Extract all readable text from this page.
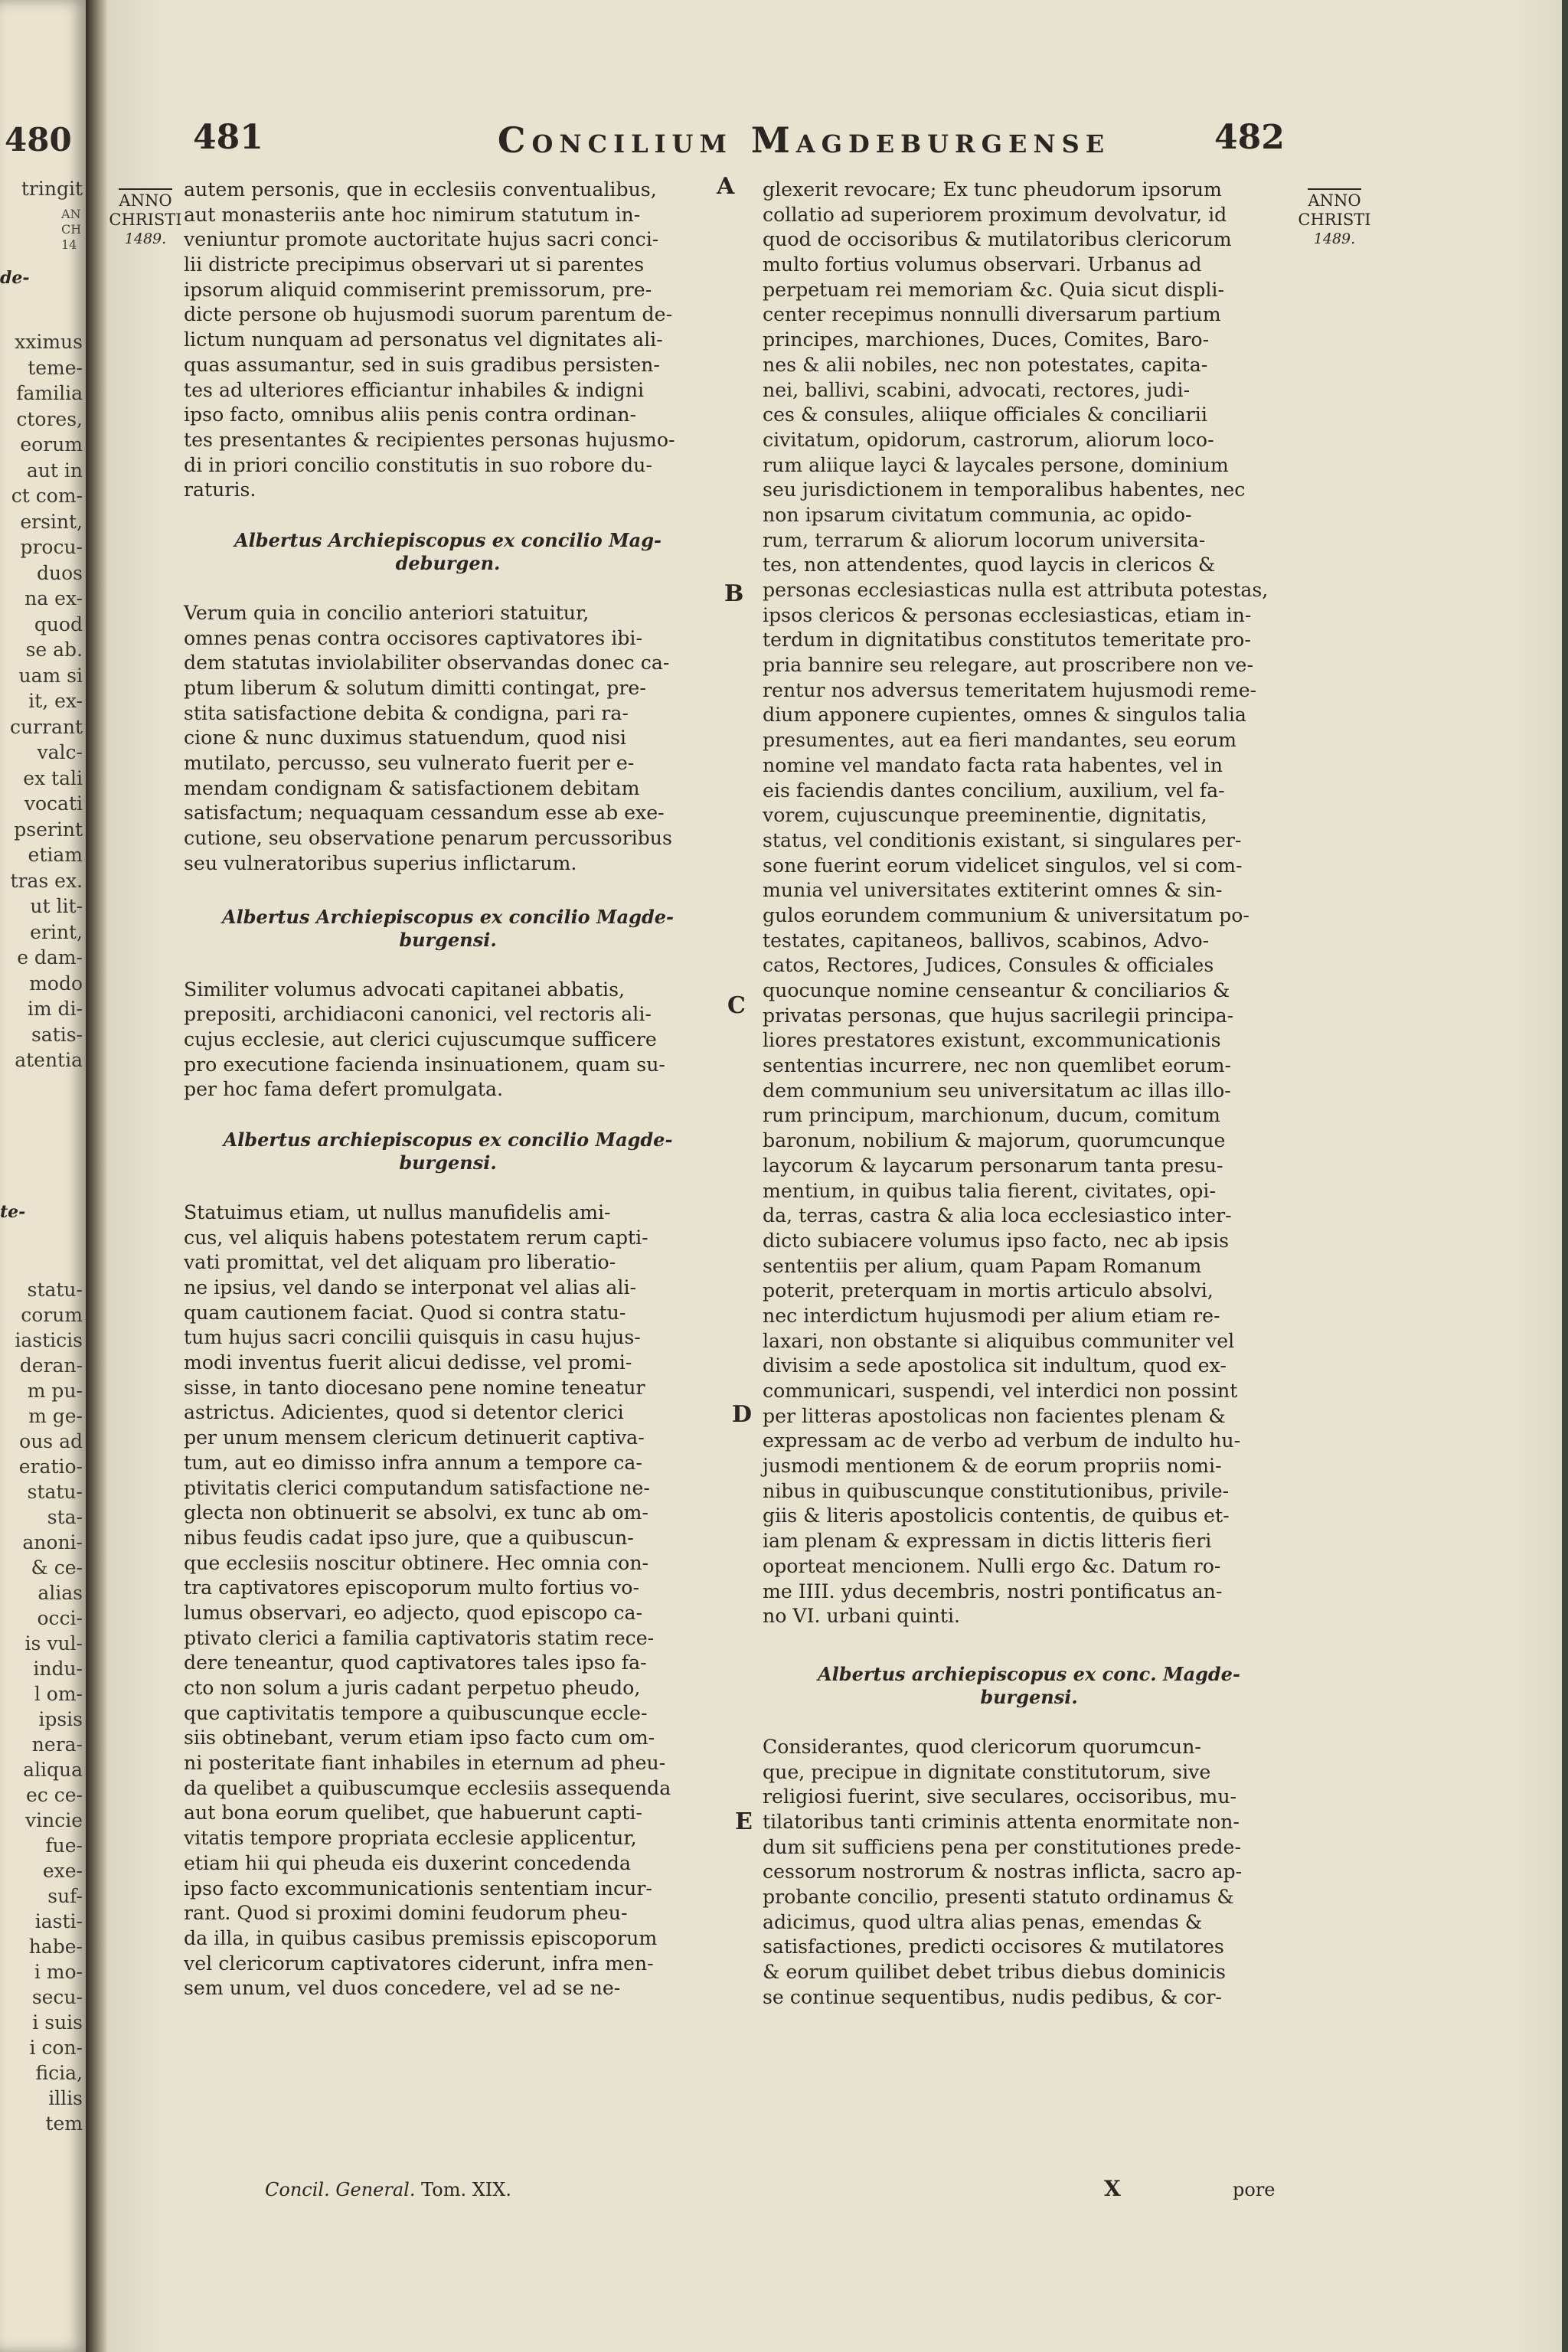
480
AN CH 14
de-
te-
tringit
xximus
teme-
familia
ctores,
eorum
aut in
ct com-
ersint,
procu-
duos
na ex-
quod
se ab.
uam si
it, ex-
currant
valc-
ex tali
vocati
pserint
etiam
tras ex.
ut lit-
erint,
e dam-
modo
im di-
satis-
atentia
statu-
corum
iasticis
deran-
m pu-
m ge-
ous ad
eratio-
statu-
sta-
anoni-
& ce-
alias
occi-
is vul-
indu-
l om-
ipsis
nera-
aliqua
ec ce-
vincie
fue-
exe-
suf-
iasti-
habe-
i mo-
secu-
i suis
i con-
ficia,
illis
tem
481	Concilium Magdeburgense	482
ANNO
CHRISTI
1489.
ANNO
CHRISTI
1489.
autem personis, que in ecclesiis conventualibus,
aut monasteriis ante hoc nimirum statutum in-
veniuntur promote auctoritate hujus sacri conci-
lii districte precipimus observari ut si parentes
ipsorum aliquid commiserint premissorum, pre-
dicte persone ob hujusmodi suorum parentum de-
lictum nunquam ad personatus vel dignitates ali-
quas assumantur, sed in suis gradibus persisten-
tes ad ulteriores efficiantur inhabiles & indigni
ipso facto, omnibus aliis penis contra ordinan-
tes presentantes & recipientes personas hujusmo-
di in priori concilio constitutis in suo robore du-
raturis.
Albertus Archiepiscopus ex concilio Mag-
deburgen.
Verum quia in concilio anteriori statuitur,
omnes penas contra occisores captivatores ibi-
dem statutas inviolabiliter observandas donec ca-
ptum liberum & solutum dimitti contingat, pre-
stita satisfactione debita & condigna, pari ra-
cione & nunc duximus statuendum, quod nisi
mutilato, percusso, seu vulnerato fuerit per e-
mendam condignam & satisfactionem debitam
satisfactum; nequaquam cessandum esse ab exe-
cutione, seu observatione penarum percussoribus
seu vulneratoribus superius inflictarum.
Albertus Archiepiscopus ex concilio Magde-
burgensi.
Similiter volumus advocati capitanei abbatis,
prepositi, archidiaconi canonici, vel rectoris ali-
cujus ecclesie, aut clerici cujuscumque sufficere
pro executione facienda insinuationem, quam su-
per hoc fama defert promulgata.
Albertus archiepiscopus ex concilio Magde-
burgensi.
Statuimus etiam, ut nullus manufidelis ami-
cus, vel aliquis habens potestatem rerum capti-
vati promittat, vel det aliquam pro liberatio-
ne ipsius, vel dando se interponat vel alias ali-
quam cautionem faciat. Quod si contra statu-
tum hujus sacri concilii quisquis in casu hujus-
modi inventus fuerit alicui dedisse, vel promi-
sisse, in tanto diocesano pene nomine teneatur
astrictus. Adicientes, quod si detentor clerici
per unum mensem clericum detinuerit captiva-
tum, aut eo dimisso infra annum a tempore ca-
ptivitatis clerici computandum satisfactione ne-
glecta non obtinuerit se absolvi, ex tunc ab om-
nibus feudis cadat ipso jure, que a quibuscun-
que ecclesiis noscitur obtinere. Hec omnia con-
tra captivatores episcoporum multo fortius vo-
lumus observari, eo adjecto, quod episcopo ca-
ptivato clerici a familia captivatoris statim rece-
dere teneantur, quod captivatores tales ipso fa-
cto non solum a juris cadant perpetuo pheudo,
que captivitatis tempore a quibuscunque eccle-
siis obtinebant, verum etiam ipso facto cum om-
ni posteritate fiant inhabiles in eternum ad pheu-
da quelibet a quibuscumque ecclesiis assequenda
aut bona eorum quelibet, que habuerunt capti-
vitatis tempore propriata ecclesie applicentur,
etiam hii qui pheuda eis duxerint concedenda
ipso facto excommunicationis sententiam incur-
rant. Quod si proximi domini feudorum pheu-
da illa, in quibus casibus premissis episcoporum
vel clericorum captivatores ciderunt, infra men-
sem unum, vel duos concedere, vel ad se ne-
glexerit revocare; Ex tunc pheudorum ipsorum
collatio ad superiorem proximum devolvatur, id
quod de occisoribus & mutilatoribus clericorum
multo fortius volumus observari. Urbanus ad
perpetuam rei memoriam &c. Quia sicut displi-
center recepimus nonnulli diversarum partium
principes, marchiones, Duces, Comites, Baro-
nes & alii nobiles, nec non potestates, capita-
nei, ballivi, scabini, advocati, rectores, judi-
ces & consules, aliique officiales & conciliarii
civitatum, opidorum, castrorum, aliorum loco-
rum aliique layci & laycales persone, dominium
seu jurisdictionem in temporalibus habentes, nec
non ipsarum civitatum communia, ac opido-
rum, terrarum & aliorum locorum universita-
tes, non attendentes, quod laycis in clericos &
personas ecclesiasticas nulla est attributa potestas,
ipsos clericos & personas ecclesiasticas, etiam in-
terdum in dignitatibus constitutos temeritate pro-
pria bannire seu relegare, aut proscribere non ve-
rentur nos adversus temeritatem hujusmodi reme-
dium apponere cupientes, omnes & singulos talia
presumentes, aut ea fieri mandantes, seu eorum
nomine vel mandato facta rata habentes, vel in
eis faciendis dantes concilium, auxilium, vel fa-
vorem, cujuscunque preeminentie, dignitatis,
status, vel conditionis existant, si singulares per-
sone fuerint eorum videlicet singulos, vel si com-
munia vel universitates extiterint omnes & sin-
gulos eorundem communium & universitatum po-
testates, capitaneos, ballivos, scabinos, Advo-
catos, Rectores, Judices, Consules & officiales
quocunque nomine censeantur & conciliarios &
privatas personas, que hujus sacrilegii principa-
liores prestatores existunt, excommunicationis
sententias incurrere, nec non quemlibet eorum-
dem communium seu universitatum ac illas illo-
rum principum, marchionum, ducum, comitum
baronum, nobilium & majorum, quorumcunque
laycorum & laycarum personarum tanta presu-
mentium, in quibus talia fierent, civitates, opi-
da, terras, castra & alia loca ecclesiastico inter-
dicto subiacere volumus ipso facto, nec ab ipsis
sententiis per alium, quam Papam Romanum
poterit, preterquam in mortis articulo absolvi,
nec interdictum hujusmodi per alium etiam re-
laxari, non obstante si aliquibus communiter vel
divisim a sede apostolica sit indultum, quod ex-
communicari, suspendi, vel interdici non possint
per litteras apostolicas non facientes plenam &
expressam ac de verbo ad verbum de indulto hu-
jusmodi mentionem & de eorum propriis nomi-
nibus in quibuscunque constitutionibus, privile-
giis & literis apostolicis contentis, de quibus et-
iam plenam & expressam in dictis litteris fieri
oporteat mencionem. Nulli ergo &c. Datum ro-
me IIII. ydus decembris, nostri pontificatus an-
no VI. urbani quinti.
Albertus archiepiscopus ex conc. Magde-
burgensi.
Considerantes, quod clericorum quorumcun-
que, precipue in dignitate constitutorum, sive
religiosi fuerint, sive seculares, occisoribus, mu-
tilatoribus tanti criminis attenta enormitate non-
dum sit sufficiens pena per constitutiones prede-
cessorum nostrorum & nostras inflicta, sacro ap-
probante concilio, presenti statuto ordinamus &
adicimus, quod ultra alias penas, emendas &
satisfactiones, predicti occisores & mutilatores
& eorum quilibet debet tribus diebus dominicis
se continue sequentibus, nudis pedibus, & cor-
A
B
C
D
E
Concil. General. Tom. XIX.	X	pore
